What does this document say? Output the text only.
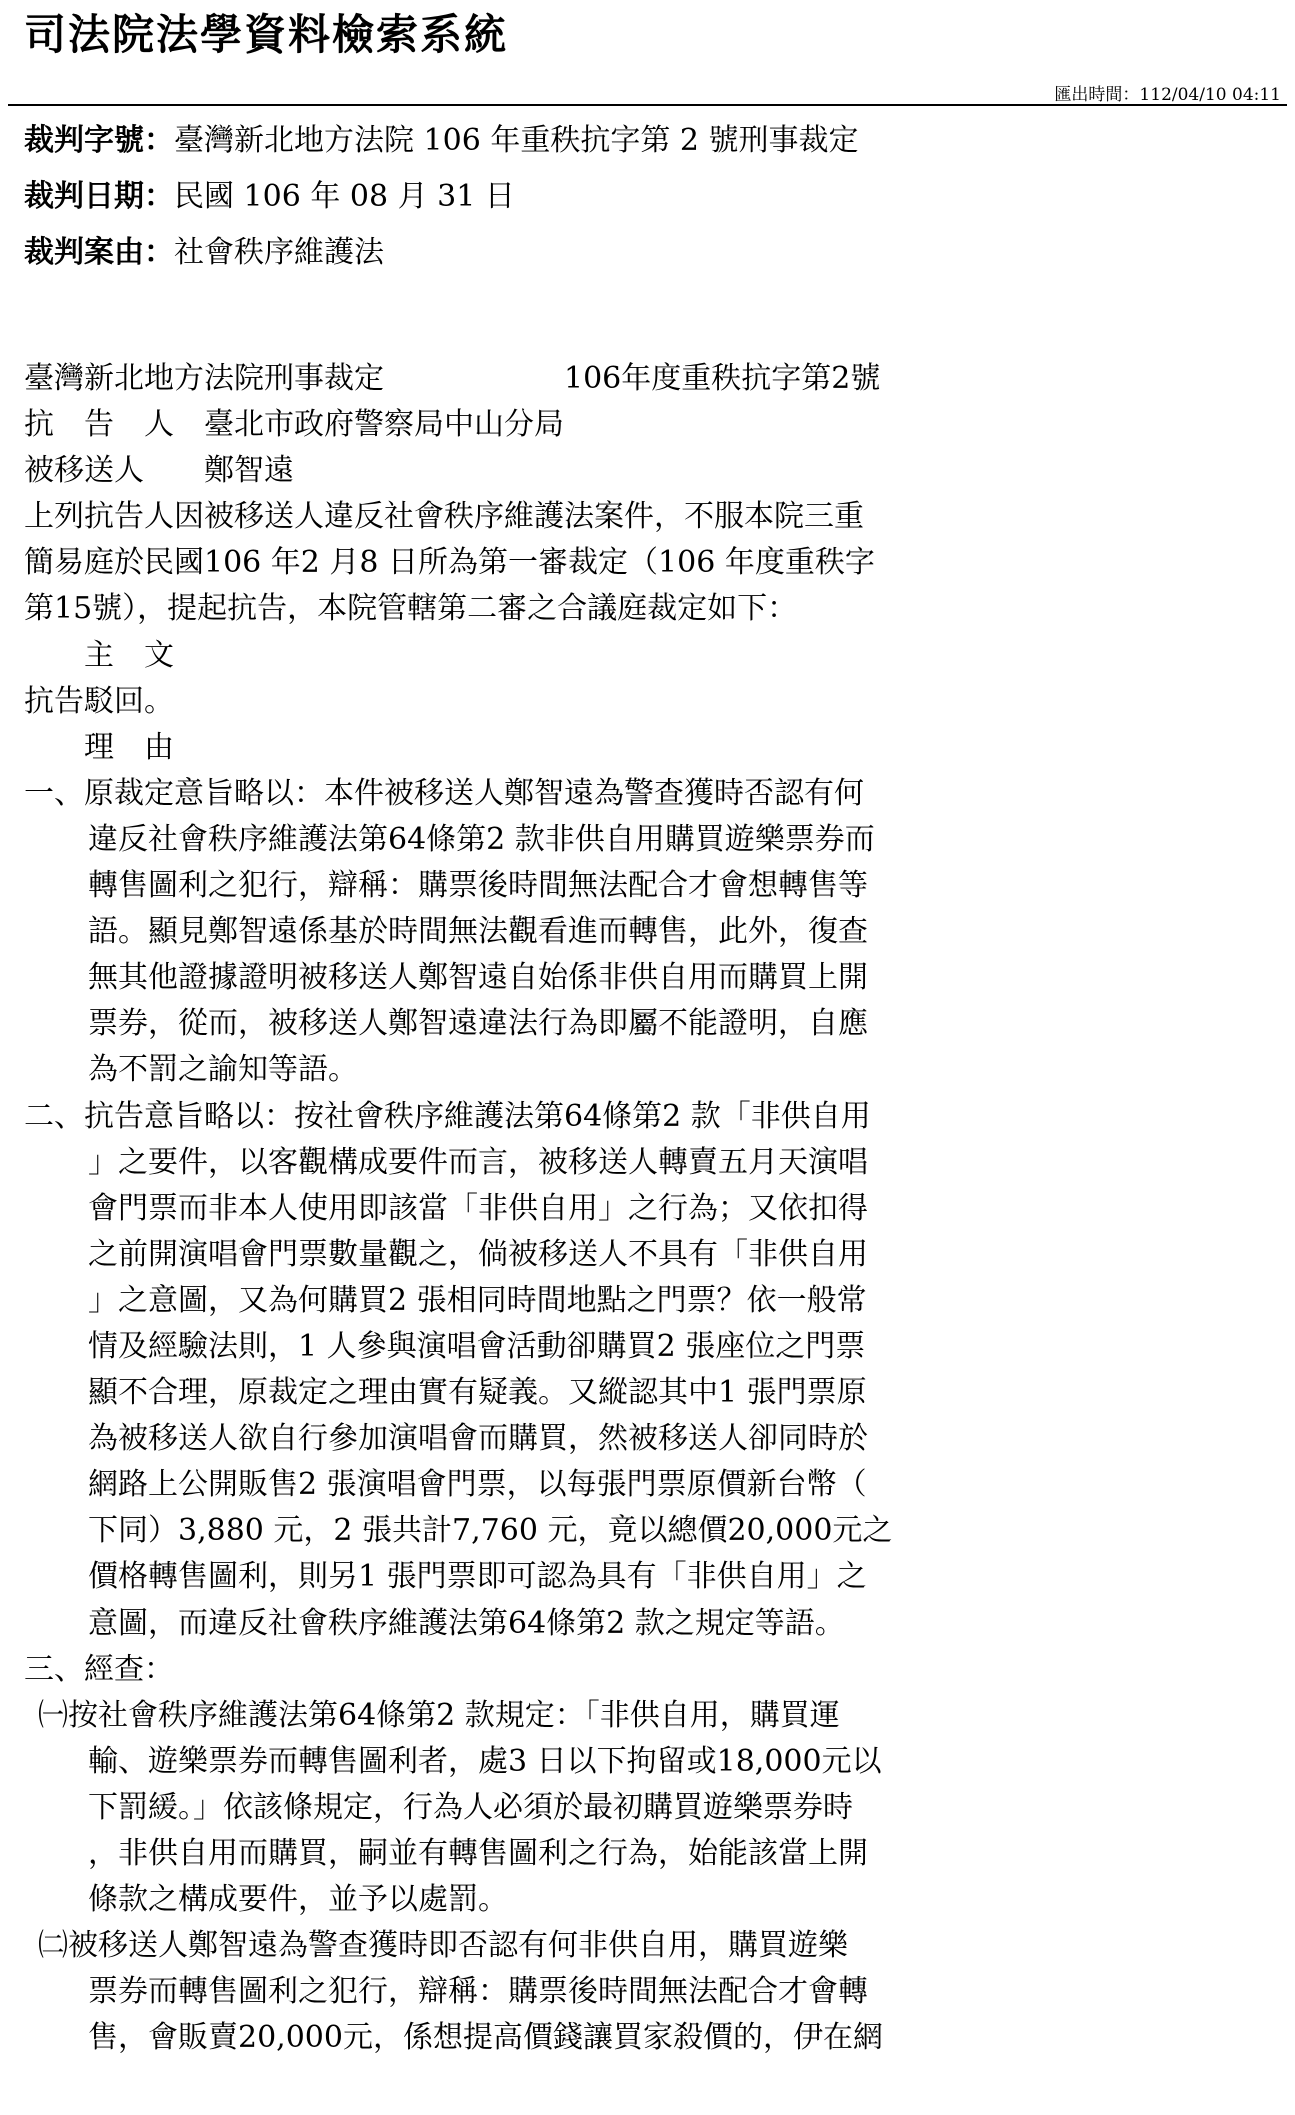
司法院法學資料檢索系統
匯出時間：112/04/10 04:11
裁判字號：臺灣新北地方法院 106 年重秩抗字第 2 號刑事裁定
裁判日期：民國 106 年 08 月 31 日
裁判案由：社會秩序維護法
臺灣新北地方法院刑事裁定　　　　　　106年度重秩抗字第2號
抗　告　人　臺北市政府警察局中山分局
被移送人　　鄭智遠
上列抗告人因被移送人違反社會秩序維護法案件，不服本院三重
簡易庭於民國106 年2 月8 日所為第一審裁定（106 年度重秩字
第15號），提起抗告，本院管轄第二審之合議庭裁定如下：
　　主　文
抗告駁回。
　　理　由
一、原裁定意旨略以：本件被移送人鄭智遠為警查獲時否認有何
違反社會秩序維護法第64條第2 款非供自用購買遊樂票券而
轉售圖利之犯行，辯稱：購票後時間無法配合才會想轉售等
語。顯見鄭智遠係基於時間無法觀看進而轉售，此外，復查
無其他證據證明被移送人鄭智遠自始係非供自用而購買上開
票券，從而，被移送人鄭智遠違法行為即屬不能證明，自應
為不罰之諭知等語。
二、抗告意旨略以：按社會秩序維護法第64條第2 款「非供自用
」之要件，以客觀構成要件而言，被移送人轉賣五月天演唱
會門票而非本人使用即該當「非供自用」之行為；又依扣得
之前開演唱會門票數量觀之，倘被移送人不具有「非供自用
」之意圖，又為何購買2 張相同時間地點之門票？依一般常
情及經驗法則，1 人參與演唱會活動卻購買2 張座位之門票
顯不合理，原裁定之理由實有疑義。又縱認其中1 張門票原
為被移送人欲自行參加演唱會而購買，然被移送人卻同時於
網路上公開販售2 張演唱會門票，以每張門票原價新台幣（
下同）3,880 元，2 張共計7,760 元，竟以總價20,000元之
價格轉售圖利，則另1 張門票即可認為具有「非供自用」之
意圖，而違反社會秩序維護法第64條第2 款之規定等語。
三、經查：
㈠按社會秩序維護法第64條第2 款規定：「非供自用，購買運
輸、遊樂票券而轉售圖利者，處3 日以下拘留或18,000元以
下罰緩。」依該條規定，行為人必須於最初購買遊樂票券時
，非供自用而購買，嗣並有轉售圖利之行為，始能該當上開
條款之構成要件，並予以處罰。
㈡被移送人鄭智遠為警查獲時即否認有何非供自用，購買遊樂
票券而轉售圖利之犯行，辯稱：購票後時間無法配合才會轉
售，會販賣20,000元，係想提高價錢讓買家殺價的，伊在網
